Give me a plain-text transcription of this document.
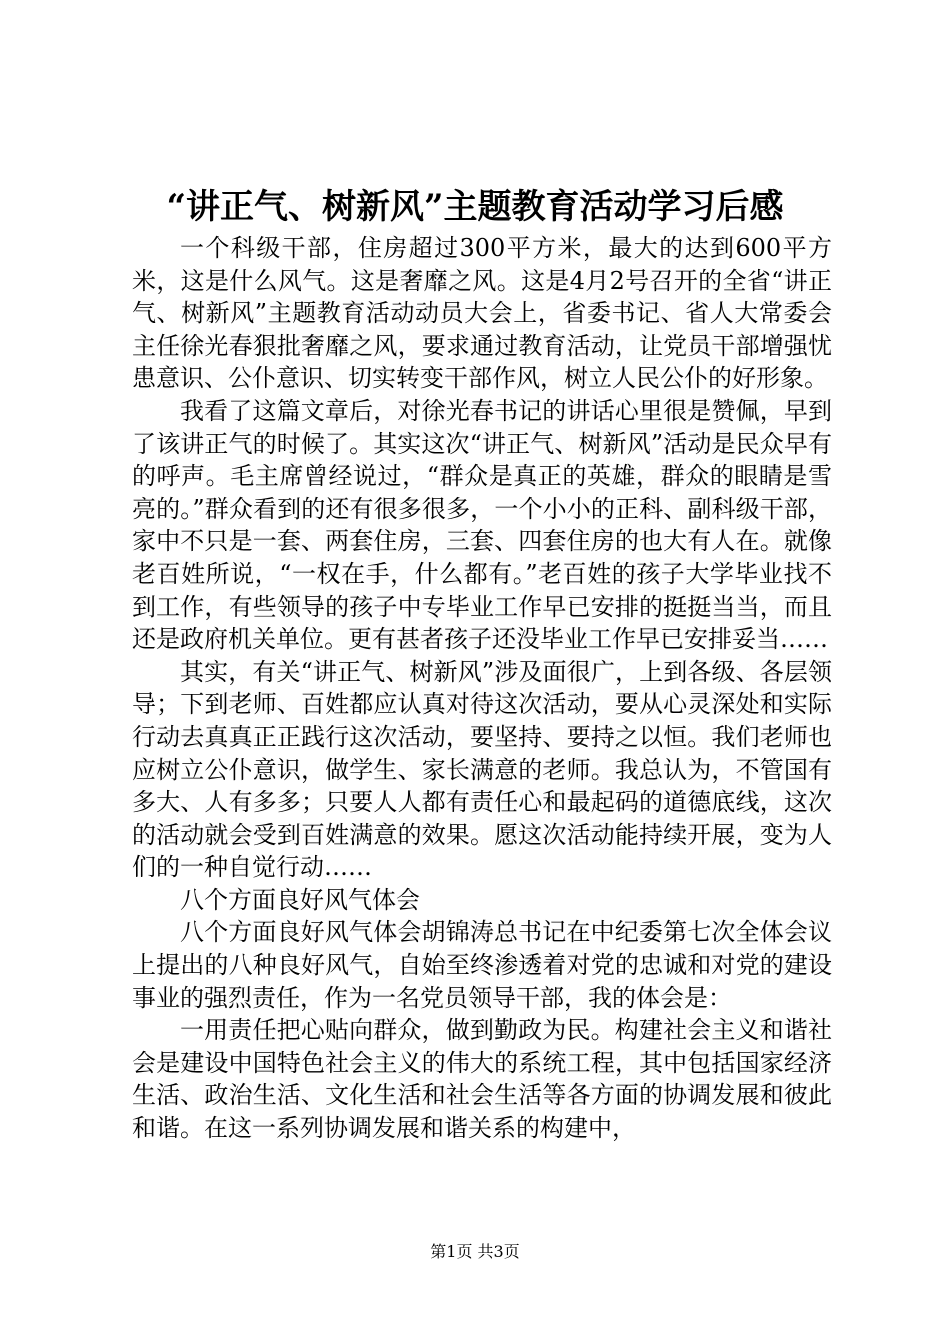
“讲正气、树新风”主题教育活动学习后感

一个科级干部，住房超过300平方米，最大的达到600平方米，这是什么风气。这是奢靡之风。这是4月2号召开的全省“讲正气、树新风”主题教育活动动员大会上，省委书记、省人大常委会主任徐光春狠批奢靡之风，要求通过教育活动，让党员干部增强忧患意识、公仆意识、切实转变干部作风，树立人民公仆的好形象。

我看了这篇文章后，对徐光春书记的讲话心里很是赞佩，早到了该讲正气的时候了。其实这次“讲正气、树新风”活动是民众早有的呼声。毛主席曾经说过，“群众是真正的英雄，群众的眼睛是雪亮的。”群众看到的还有很多很多，一个小小的正科、副科级干部，家中不只是一套、两套住房，三套、四套住房的也大有人在。就像老百姓所说，“一权在手，什么都有。”老百姓的孩子大学毕业找不到工作，有些领导的孩子中专毕业工作早已安排的挺挺当当，而且还是政府机关单位。更有甚者孩子还没毕业工作早已安排妥当……

其实，有关“讲正气、树新风”涉及面很广，上到各级、各层领导；下到老师、百姓都应认真对待这次活动，要从心灵深处和实际行动去真真正正践行这次活动，要坚持、要持之以恒。我们老师也应树立公仆意识，做学生、家长满意的老师。我总认为，不管国有多大、人有多多；只要人人都有责任心和最起码的道德底线，这次的活动就会受到百姓满意的效果。愿这次活动能持续开展，变为人们的一种自觉行动……

八个方面良好风气体会

八个方面良好风气体会胡锦涛总书记在中纪委第七次全体会议上提出的八种良好风气，自始至终渗透着对党的忠诚和对党的建设事业的强烈责任，作为一名党员领导干部，我的体会是：

一用责任把心贴向群众，做到勤政为民。构建社会主义和谐社会是建设中国特色社会主义的伟大的系统工程，其中包括国家经济生活、政治生活、文化生活和社会生活等各方面的协调发展和彼此和谐。在这一系列协调发展和谐关系的构建中，

第1页 共3页
